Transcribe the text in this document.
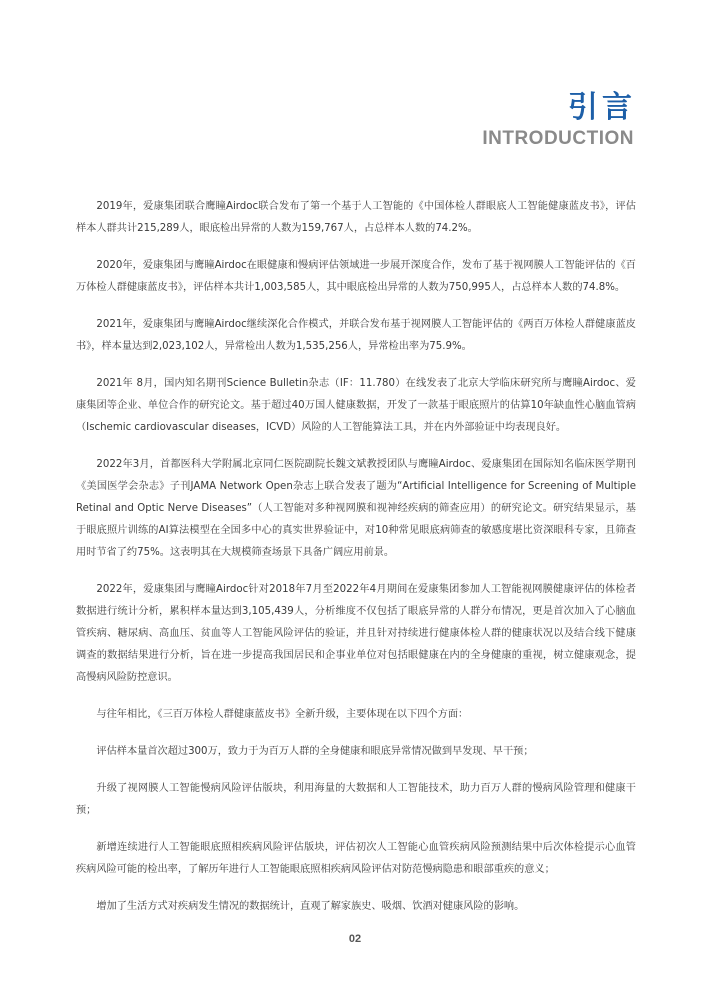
引言
INTRODUCTION

2019年，爱康集团联合鹰瞳Airdoc联合发布了第一个基于人工智能的《中国体检人群眼底人工智能健康蓝皮书》，评估样本人群共计215,289人，眼底检出异常的人数为159,767人，占总样本人数的74.2%。

2020年，爱康集团与鹰瞳Airdoc在眼健康和慢病评估领域进一步展开深度合作，发布了基于视网膜人工智能评估的《百万体检人群健康蓝皮书》，评估样本共计1,003,585人，其中眼底检出异常的人数为750,995人，占总样本人数的74.8%。

2021年，爱康集团与鹰瞳Airdoc继续深化合作模式，并联合发布基于视网膜人工智能评估的《两百万体检人群健康蓝皮书》，样本量达到2,023,102人，异常检出人数为1,535,256人，异常检出率为75.9%。

2021年 8月，国内知名期刊Science Bulletin杂志（IF：11.780）在线发表了北京大学临床研究所与鹰瞳Airdoc、爱康集团等企业、单位合作的研究论文。基于超过40万国人健康数据，开发了一款基于眼底照片的估算10年缺血性心脑血管病（Ischemic cardiovascular diseases，ICVD）风险的人工智能算法工具，并在内外部验证中均表现良好。

2022年3月，首都医科大学附属北京同仁医院副院长魏文斌教授团队与鹰瞳Airdoc、爱康集团在国际知名临床医学期刊《美国医学会杂志》子刊JAMA Network Open杂志上联合发表了题为“Artificial Intelligence for Screening of Multiple Retinal and Optic Nerve Diseases”（人工智能对多种视网膜和视神经疾病的筛查应用）的研究论文。研究结果显示，基于眼底照片训练的AI算法模型在全国多中心的真实世界验证中，对10种常见眼底病筛查的敏感度堪比资深眼科专家，且筛查用时节省了约75%。这表明其在大规模筛查场景下具备广阔应用前景。

2022年，爱康集团与鹰瞳Airdoc针对2018年7月至2022年4月期间在爱康集团参加人工智能视网膜健康评估的体检者数据进行统计分析，累积样本量达到3,105,439人，分析维度不仅包括了眼底异常的人群分布情况，更是首次加入了心脑血管疾病、糖尿病、高血压、贫血等人工智能风险评估的验证，并且针对持续进行健康体检人群的健康状况以及结合线下健康调查的数据结果进行分析，旨在进一步提高我国居民和企事业单位对包括眼健康在内的全身健康的重视，树立健康观念，提高慢病风险防控意识。

与往年相比，《三百万体检人群健康蓝皮书》全新升级，主要体现在以下四个方面：

评估样本量首次超过300万，致力于为百万人群的全身健康和眼底异常情况做到早发现、早干预；

升级了视网膜人工智能慢病风险评估版块，利用海量的大数据和人工智能技术，助力百万人群的慢病风险管理和健康干预；

新增连续进行人工智能眼底照相疾病风险评估版块，评估初次人工智能心血管疾病风险预测结果中后次体检提示心血管疾病风险可能的检出率，了解历年进行人工智能眼底照相疾病风险评估对防范慢病隐患和眼部重疾的意义；

增加了生活方式对疾病发生情况的数据统计，直观了解家族史、吸烟、饮酒对健康风险的影响。

02
